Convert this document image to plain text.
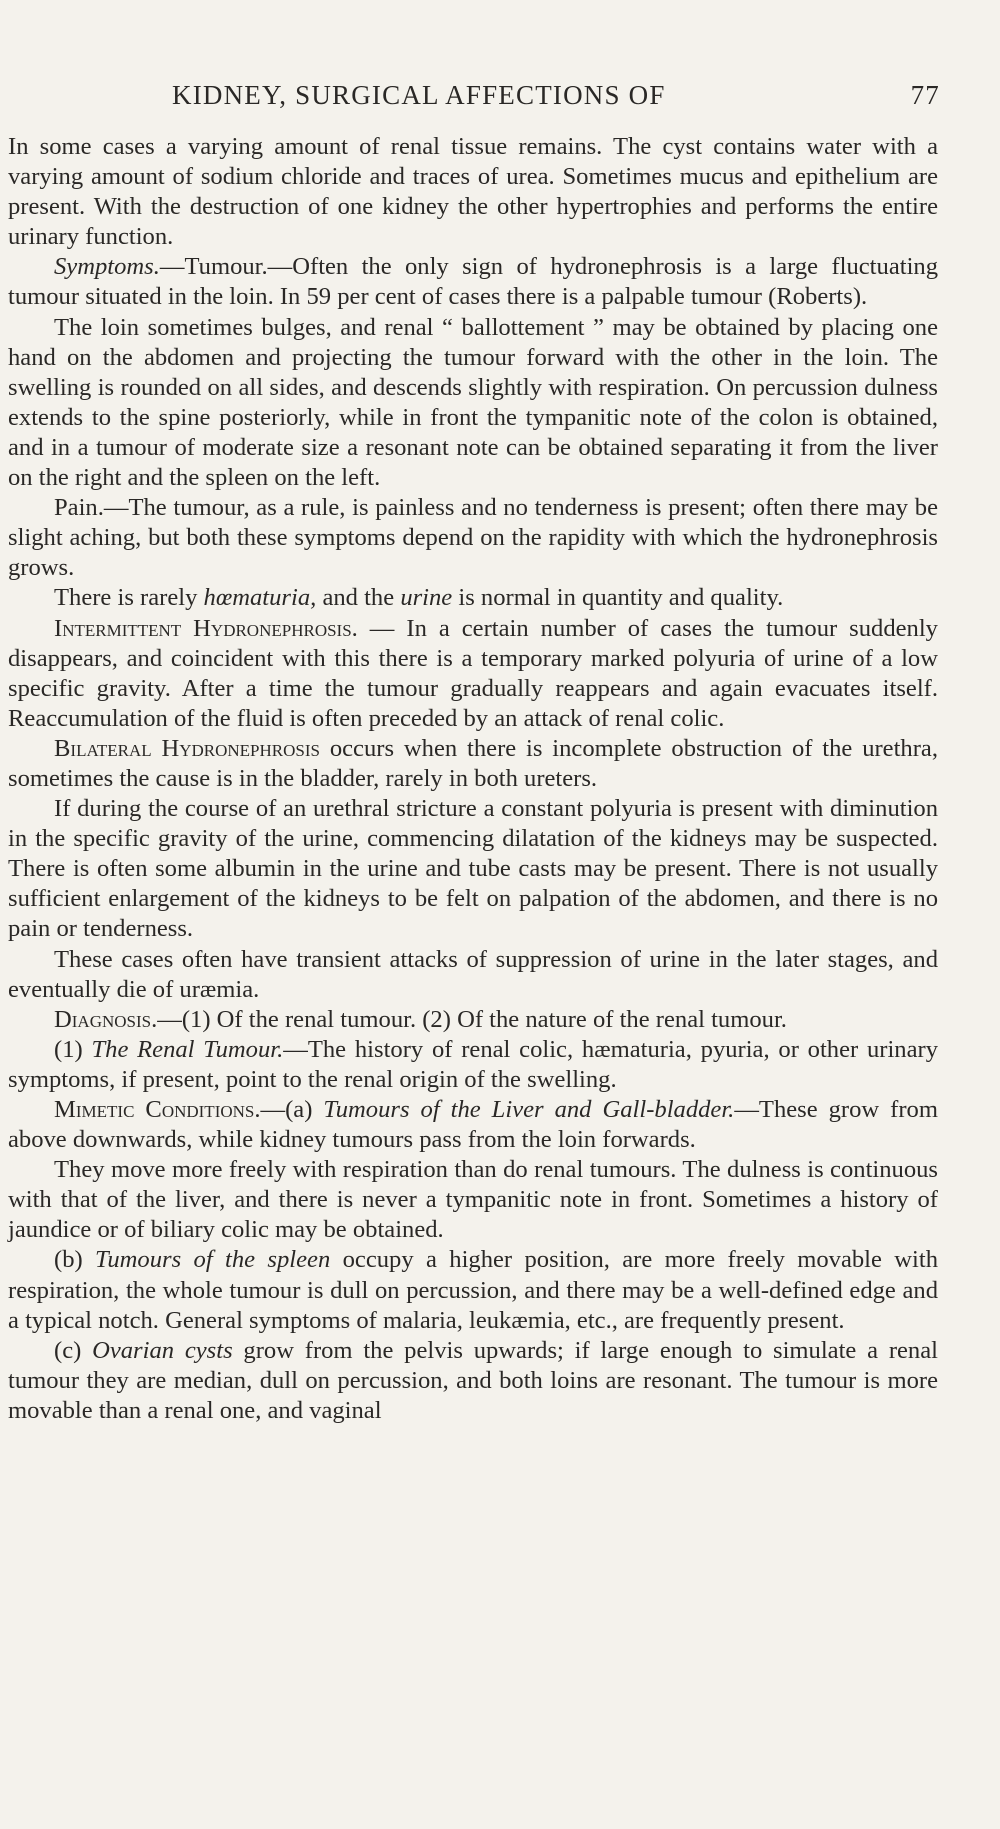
KIDNEY, SURGICAL AFFECTIONS OF	77

In some cases a varying amount of renal tissue remains. The cyst contains water with a varying amount of sodium chloride and traces of urea. Sometimes mucus and epithelium are present. With the destruction of one kidney the other hypertrophies and performs the entire urinary function.

Symptoms.—Tumour.—Often the only sign of hydronephrosis is a large fluctuating tumour situated in the loin. In 59 per cent of cases there is a palpable tumour (Roberts).

The loin sometimes bulges, and renal “ ballottement ” may be obtained by placing one hand on the abdomen and projecting the tumour forward with the other in the loin. The swelling is rounded on all sides, and descends slightly with respiration. On percussion dulness extends to the spine posteriorly, while in front the tympanitic note of the colon is obtained, and in a tumour of moderate size a resonant note can be obtained separating it from the liver on the right and the spleen on the left.

Pain.—The tumour, as a rule, is painless and no tenderness is present; often there may be slight aching, but both these symptoms depend on the rapidity with which the hydronephrosis grows.

There is rarely hœmaturia, and the urine is normal in quantity and quality.

Intermittent Hydronephrosis. — In a certain number of cases the tumour suddenly disappears, and coincident with this there is a temporary marked polyuria of urine of a low specific gravity. After a time the tumour gradually reappears and again evacuates itself. Reaccumulation of the fluid is often preceded by an attack of renal colic.

Bilateral Hydronephrosis occurs when there is incomplete obstruction of the urethra, sometimes the cause is in the bladder, rarely in both ureters.

If during the course of an urethral stricture a constant polyuria is present with diminution in the specific gravity of the urine, commencing dilatation of the kidneys may be suspected. There is often some albumin in the urine and tube casts may be present. There is not usually sufficient enlargement of the kidneys to be felt on palpation of the abdomen, and there is no pain or tenderness.

These cases often have transient attacks of suppression of urine in the later stages, and eventually die of uræmia.

Diagnosis.—(1) Of the renal tumour. (2) Of the nature of the renal tumour.

(1) The Renal Tumour.—The history of renal colic, hæmaturia, pyuria, or other urinary symptoms, if present, point to the renal origin of the swelling.

Mimetic Conditions.—(a) Tumours of the Liver and Gall-bladder.—These grow from above downwards, while kidney tumours pass from the loin forwards.

They move more freely with respiration than do renal tumours. The dulness is continuous with that of the liver, and there is never a tympanitic note in front. Sometimes a history of jaundice or of biliary colic may be obtained.

(b) Tumours of the spleen occupy a higher position, are more freely movable with respiration, the whole tumour is dull on percussion, and there may be a well-defined edge and a typical notch. General symptoms of malaria, leukæmia, etc., are frequently present.

(c) Ovarian cysts grow from the pelvis upwards; if large enough to simulate a renal tumour they are median, dull on percussion, and both loins are resonant. The tumour is more movable than a renal one, and vaginal
